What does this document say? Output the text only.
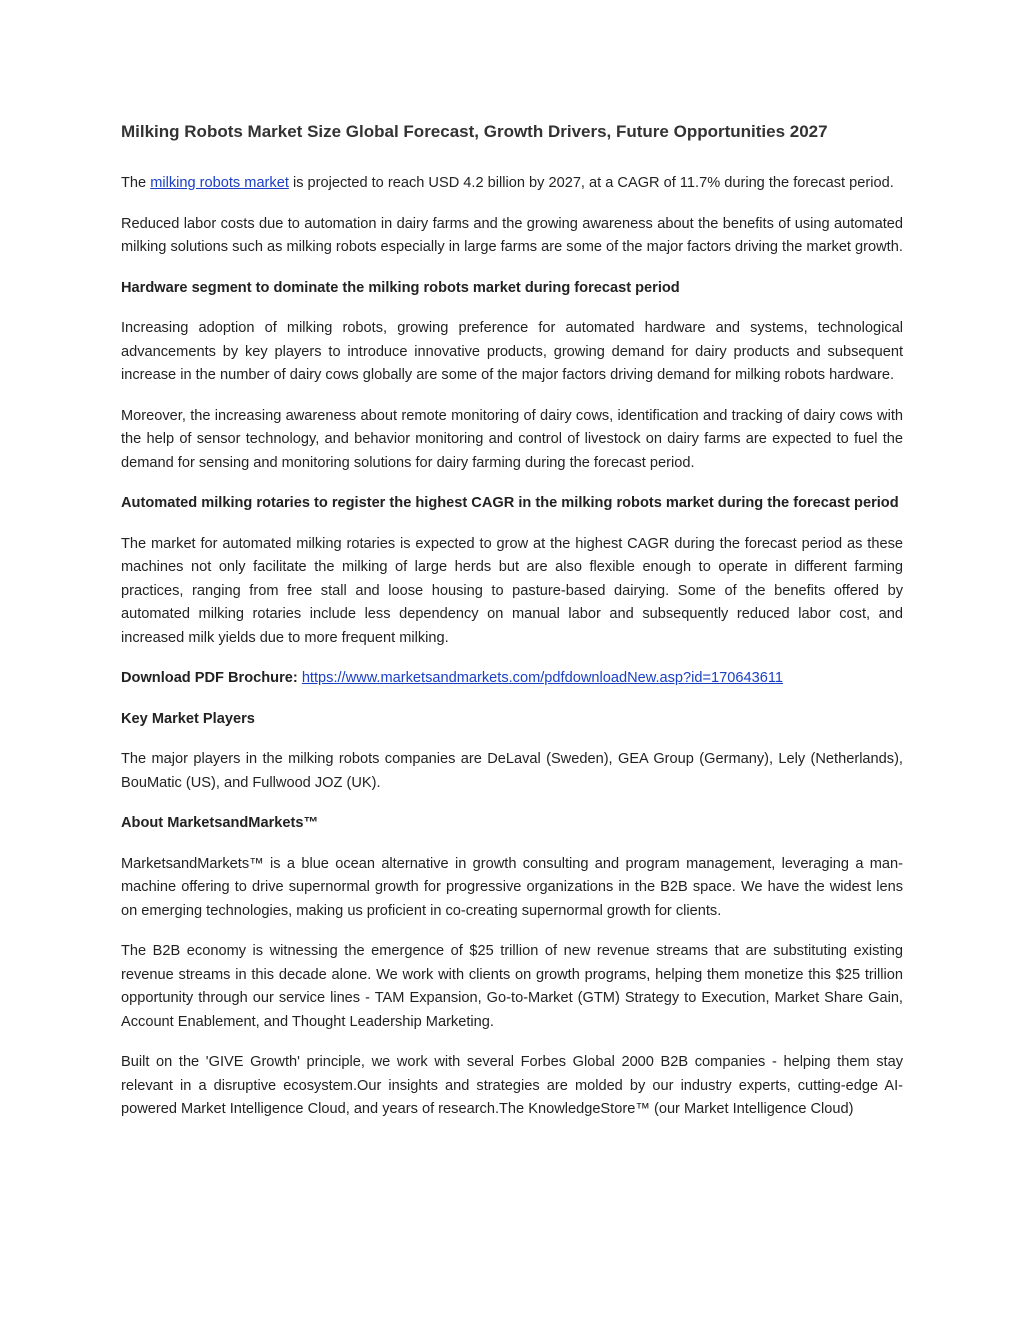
Milking Robots Market Size Global Forecast, Growth Drivers, Future Opportunities 2027

The milking robots market is projected to reach USD 4.2 billion by 2027, at a CAGR of 11.7% during the forecast period.

Reduced labor costs due to automation in dairy farms and the growing awareness about the benefits of using automated milking solutions such as milking robots especially in large farms are some of the major factors driving the market growth.

Hardware segment to dominate the milking robots market during forecast period

Increasing adoption of milking robots, growing preference for automated hardware and systems, technological advancements by key players to introduce innovative products, growing demand for dairy products and subsequent increase in the number of dairy cows globally are some of the major factors driving demand for milking robots hardware.

Moreover, the increasing awareness about remote monitoring of dairy cows, identification and tracking of dairy cows with the help of sensor technology, and behavior monitoring and control of livestock on dairy farms are expected to fuel the demand for sensing and monitoring solutions for dairy farming during the forecast period.

Automated milking rotaries to register the highest CAGR in the milking robots market during the forecast period

The market for automated milking rotaries is expected to grow at the highest CAGR during the forecast period as these machines not only facilitate the milking of large herds but are also flexible enough to operate in different farming practices, ranging from free stall and loose housing to pasture-based dairying. Some of the benefits offered by automated milking rotaries include less dependency on manual labor and subsequently reduced labor cost, and increased milk yields due to more frequent milking.

Download PDF Brochure: https://www.marketsandmarkets.com/pdfdownloadNew.asp?id=170643611

Key Market Players

The major players in the milking robots companies are DeLaval (Sweden), GEA Group (Germany), Lely (Netherlands), BouMatic (US), and Fullwood JOZ (UK).

About MarketsandMarkets™

MarketsandMarkets™ is a blue ocean alternative in growth consulting and program management, leveraging a man-machine offering to drive supernormal growth for progressive organizations in the B2B space. We have the widest lens on emerging technologies, making us proficient in co-creating supernormal growth for clients.

The B2B economy is witnessing the emergence of $25 trillion of new revenue streams that are substituting existing revenue streams in this decade alone. We work with clients on growth programs, helping them monetize this $25 trillion opportunity through our service lines - TAM Expansion, Go-to-Market (GTM) Strategy to Execution, Market Share Gain, Account Enablement, and Thought Leadership Marketing.

Built on the 'GIVE Growth' principle, we work with several Forbes Global 2000 B2B companies - helping them stay relevant in a disruptive ecosystem.Our insights and strategies are molded by our industry experts, cutting-edge AI-powered Market Intelligence Cloud, and years of research.The KnowledgeStore™ (our Market Intelligence Cloud)
